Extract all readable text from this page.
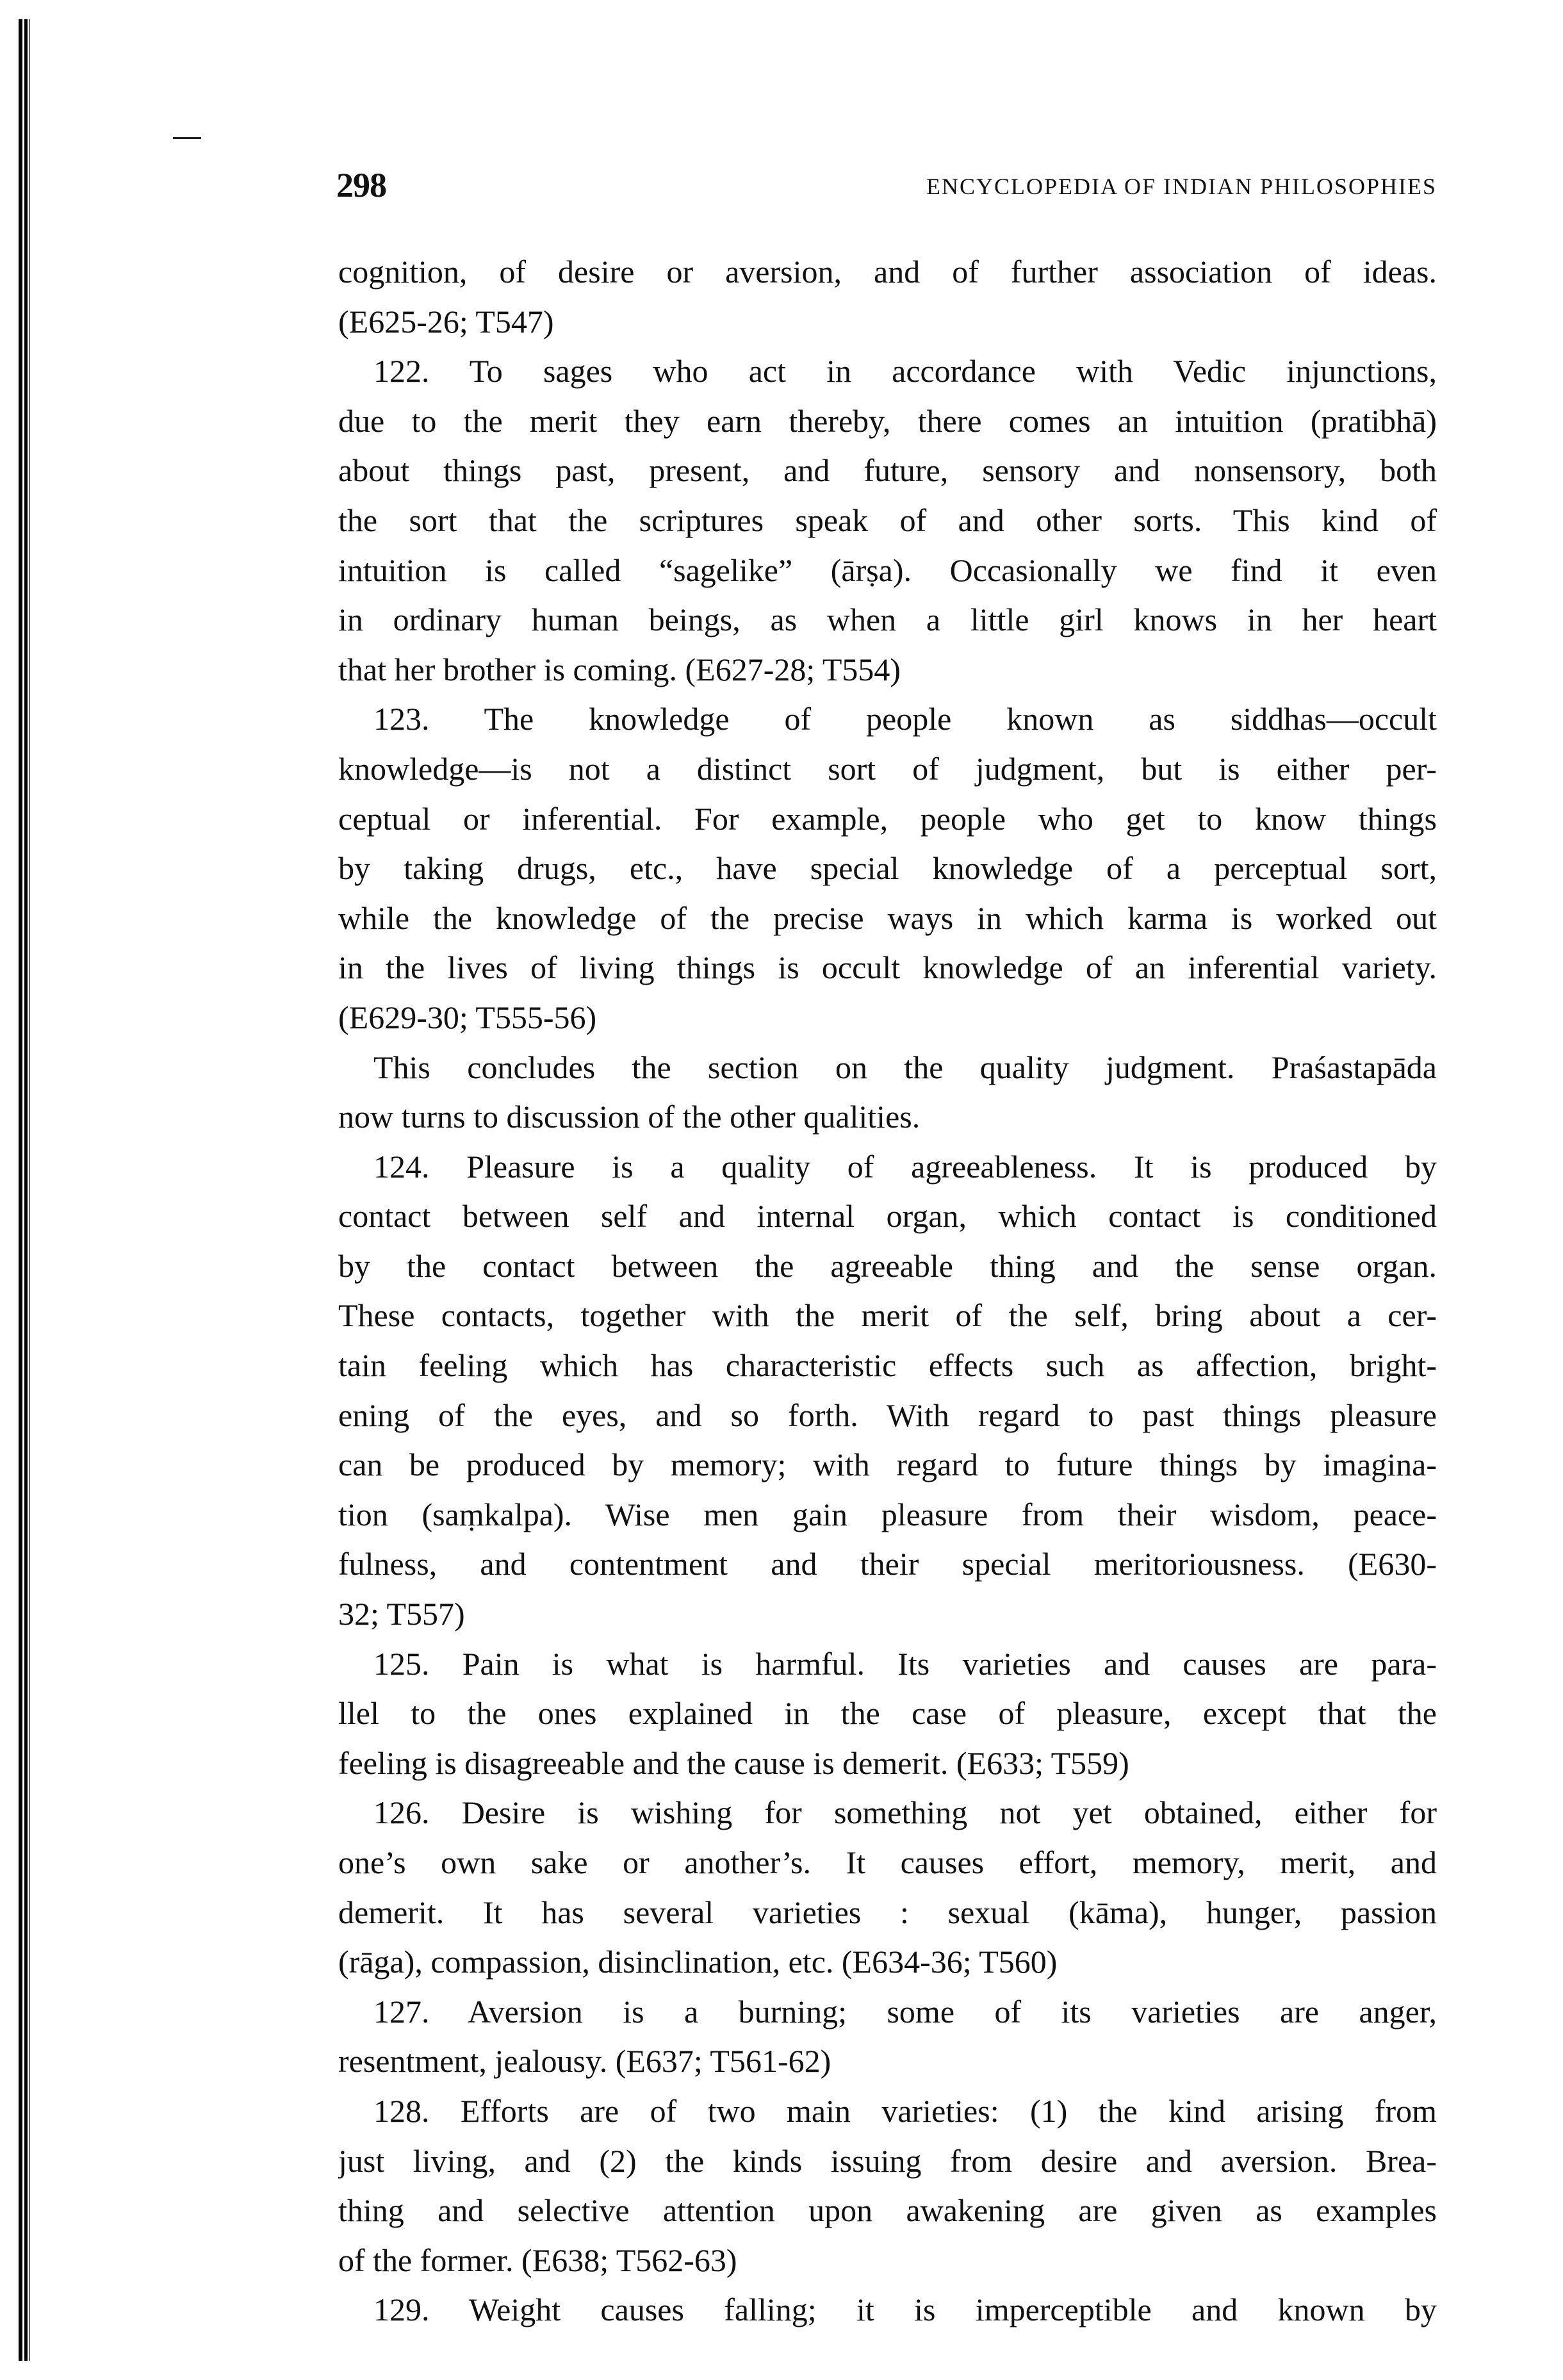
298	ENCYCLOPEDIA OF INDIAN PHILOSOPHIES
cognition, of desire or aversion, and of further association of ideas.
(E625-26; T547)
122. To sages who act in accordance with Vedic injunctions,
due to the merit they earn thereby, there comes an intuition (pratibhā)
about things past, present, and future, sensory and nonsensory, both
the sort that the scriptures speak of and other sorts. This kind of
intuition is called “sagelike” (ārṣa). Occasionally we find it even
in ordinary human beings, as when a little girl knows in her heart
that her brother is coming. (E627-28; T554)
123. The knowledge of people known as siddhas—occult
knowledge—is not a distinct sort of judgment, but is either per-
ceptual or inferential. For example, people who get to know things
by taking drugs, etc., have special knowledge of a perceptual sort,
while the knowledge of the precise ways in which karma is worked out
in the lives of living things is occult knowledge of an inferential variety.
(E629-30; T555-56)
This concludes the section on the quality judgment. Praśastapāda
now turns to discussion of the other qualities.
124. Pleasure is a quality of agreeableness. It is produced by
contact between self and internal organ, which contact is conditioned
by the contact between the agreeable thing and the sense organ.
These contacts, together with the merit of the self, bring about a cer-
tain feeling which has characteristic effects such as affection, bright-
ening of the eyes, and so forth. With regard to past things pleasure
can be produced by memory; with regard to future things by imagina-
tion (saṃkalpa). Wise men gain pleasure from their wisdom, peace-
fulness, and contentment and their special meritoriousness. (E630-
32; T557)
125. Pain is what is harmful. Its varieties and causes are para-
llel to the ones explained in the case of pleasure, except that the
feeling is disagreeable and the cause is demerit. (E633; T559)
126. Desire is wishing for something not yet obtained, either for
one’s own sake or another’s. It causes effort, memory, merit, and
demerit. It has several varieties : sexual (kāma), hunger, passion
(rāga), compassion, disinclination, etc. (E634-36; T560)
127. Aversion is a burning; some of its varieties are anger,
resentment, jealousy. (E637; T561-62)
128. Efforts are of two main varieties: (1) the kind arising from
just living, and (2) the kinds issuing from desire and aversion. Brea-
thing and selective attention upon awakening are given as examples
of the former. (E638; T562-63)
129. Weight causes falling; it is imperceptible and known by
